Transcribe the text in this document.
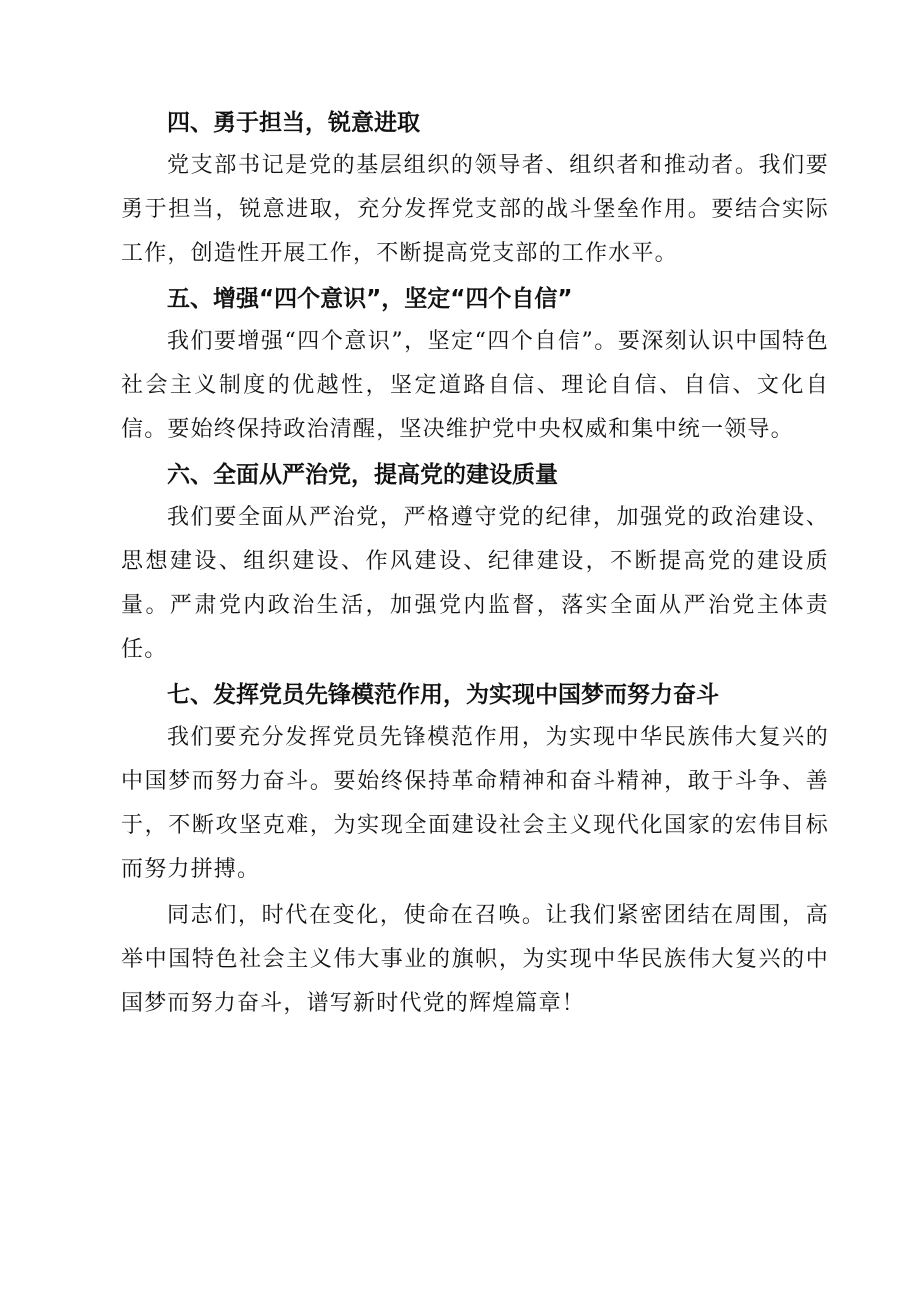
四、勇于担当，锐意进取

党支部书记是党的基层组织的领导者、组织者和推动者。我们要勇于担当，锐意进取，充分发挥党支部的战斗堡垒作用。要结合实际工作，创造性开展工作，不断提高党支部的工作水平。

五、增强“四个意识”，坚定“四个自信”

我们要增强“四个意识”，坚定“四个自信”。要深刻认识中国特色社会主义制度的优越性，坚定道路自信、理论自信、自信、文化自信。要始终保持政治清醒，坚决维护党中央权威和集中统一领导。

六、全面从严治党，提高党的建设质量

我们要全面从严治党，严格遵守党的纪律，加强党的政治建设、思想建设、组织建设、作风建设、纪律建设，不断提高党的建设质量。严肃党内政治生活，加强党内监督，落实全面从严治党主体责任。

七、发挥党员先锋模范作用，为实现中国梦而努力奋斗

我们要充分发挥党员先锋模范作用，为实现中华民族伟大复兴的中国梦而努力奋斗。要始终保持革命精神和奋斗精神，敢于斗争、善于，不断攻坚克难，为实现全面建设社会主义现代化国家的宏伟目标而努力拼搏。

同志们，时代在变化，使命在召唤。让我们紧密团结在周围，高举中国特色社会主义伟大事业的旗帜，为实现中华民族伟大复兴的中国梦而努力奋斗，谱写新时代党的辉煌篇章！
